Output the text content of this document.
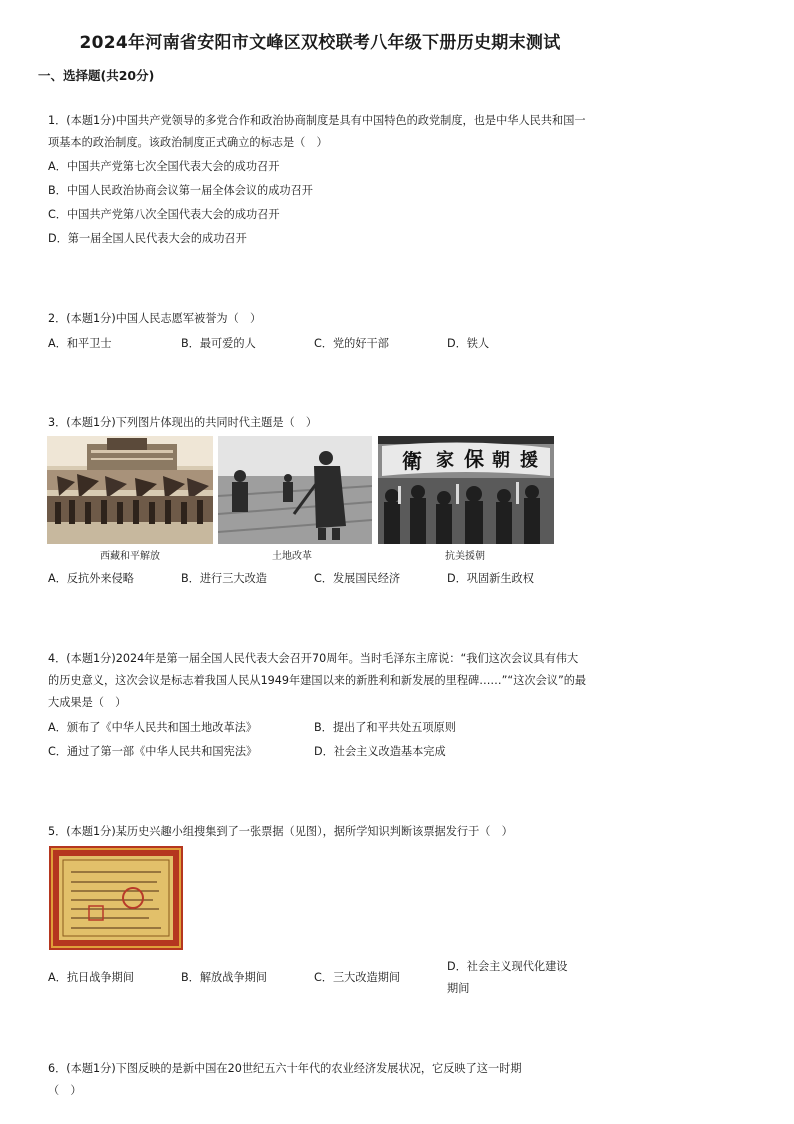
2024年河南省安阳市文峰区双校联考八年级下册历史期末测试
一、选择题(共20分)
1．(本题1分)中国共产党领导的多党合作和政治协商制度是具有中国特色的政党制度，也是中华人民共和国一项基本的政治制度。该政治制度正式确立的标志是（　）
A．中国共产党第七次全国代表大会的成功召开
B．中国人民政治协商会议第一届全体会议的成功召开
C．中国共产党第八次全国代表大会的成功召开
D．第一届全国人民代表大会的成功召开
2．(本题1分)中国人民志愿军被誉为（　）
A．和平卫士	B．最可爱的人	C．党的好干部	D．铁人
3．(本题1分)下列图片体现出的共同时代主题是（　）
衛 家 保 朝 援
西藏和平解放	土地改革	抗美援朝
A．反抗外来侵略	B．进行三大改造	C．发展国民经济	D．巩固新生政权
4．(本题1分)2024年是第一届全国人民代表大会召开70周年。当时毛泽东主席说：“我们这次会议具有伟大的历史意义，这次会议是标志着我国人民从1949年建国以来的新胜利和新发展的里程碑……”“这次会议”的最大成果是（　）
A．颁布了《中华人民共和国土地改革法》	B．提出了和平共处五项原则
C．通过了第一部《中华人民共和国宪法》	D．社会主义改造基本完成
5．(本题1分)某历史兴趣小组搜集到了一张票据（见图），据所学知识判断该票据发行于（　）
A．抗日战争期间	B．解放战争期间	C．三大改造期间
D．社会主义现代化建设期间
6．(本题1分)下图反映的是新中国在20世纪五六十年代的农业经济发展状况，它反映了这一时期（　）
